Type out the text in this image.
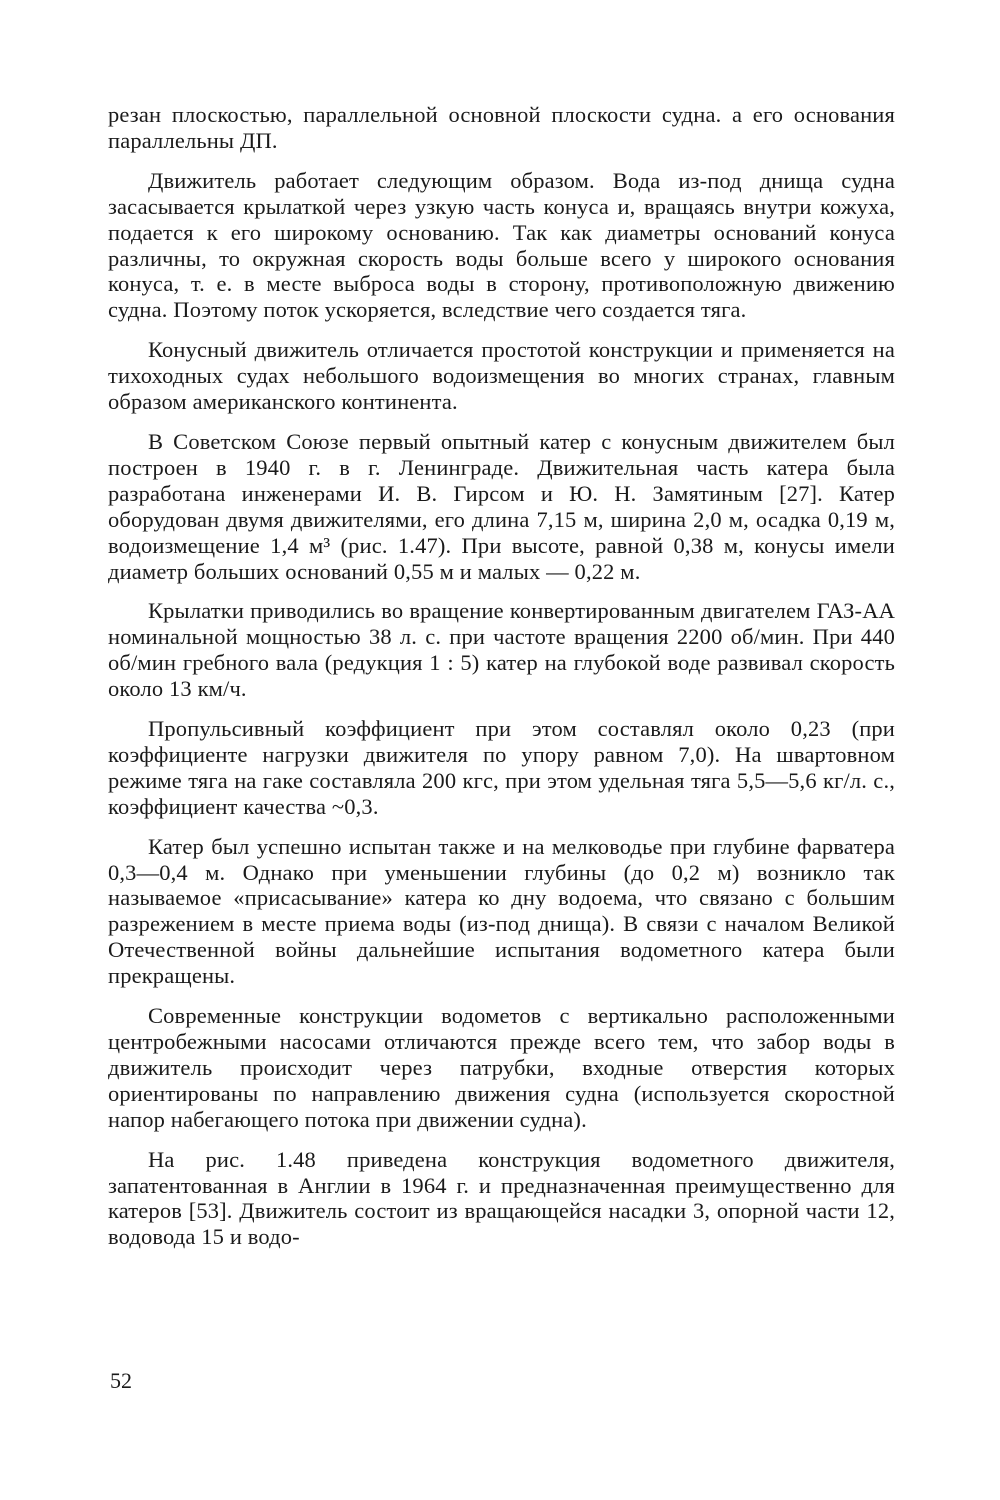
резан плоскостью, параллельной основной плоскости судна. а его основания параллельны ДП.

Движитель работает следующим образом. Вода из-под днища судна засасывается крылаткой через узкую часть конуса и, вращаясь внутри кожуха, подается к его широкому основанию. Так как диаметры оснований конуса различны, то окружная скорость воды больше всего у широкого основания конуса, т. е. в месте выброса воды в сторону, противоположную движению судна. Поэтому поток ускоряется, вследствие чего создается тяга.

Конусный движитель отличается простотой конструкции и применяется на тихоходных судах небольшого водоизмещения во многих странах, главным образом американского континента.

В Советском Союзе первый опытный катер с конусным движителем был построен в 1940 г. в г. Ленинграде. Движительная часть катера была разработана инженерами И. В. Гирсом и Ю. Н. Замятиным [27]. Катер оборудован двумя движителями, его длина 7,15 м, ширина 2,0 м, осадка 0,19 м, водоизмещение 1,4 м³ (рис. 1.47). При высоте, равной 0,38 м, конусы имели диаметр больших оснований 0,55 м и малых — 0,22 м.

Крылатки приводились во вращение конвертированным двигателем ГАЗ-АА номинальной мощностью 38 л. с. при частоте вращения 2200 об/мин. При 440 об/мин гребного вала (редукция 1 : 5) катер на глубокой воде развивал скорость около 13 км/ч.

Пропульсивный коэффициент при этом составлял около 0,23 (при коэффициенте нагрузки движителя по упору равном 7,0). На швартовном режиме тяга на гаке составляла 200 кгс, при этом удельная тяга 5,5—5,6 кг/л. с., коэффициент качества ~0,3.

Катер был успешно испытан также и на мелководье при глубине фарватера 0,3—0,4 м. Однако при уменьшении глубины (до 0,2 м) возникло так называемое «присасывание» катера ко дну водоема, что связано с большим разрежением в месте приема воды (из-под днища). В связи с началом Великой Отечественной войны дальнейшие испытания водометного катера были прекращены.

Современные конструкции водометов с вертикально расположенными центробежными насосами отличаются прежде всего тем, что забор воды в движитель происходит через патрубки, входные отверстия которых ориентированы по направлению движения судна (используется скоростной напор набегающего потока при движении судна).

На рис. 1.48 приведена конструкция водометного движителя, запатентованная в Англии в 1964 г. и предназначенная преимущественно для катеров [53]. Движитель состоит из вращающейся насадки 3, опорной части 12, водовода 15 и водо-

52
